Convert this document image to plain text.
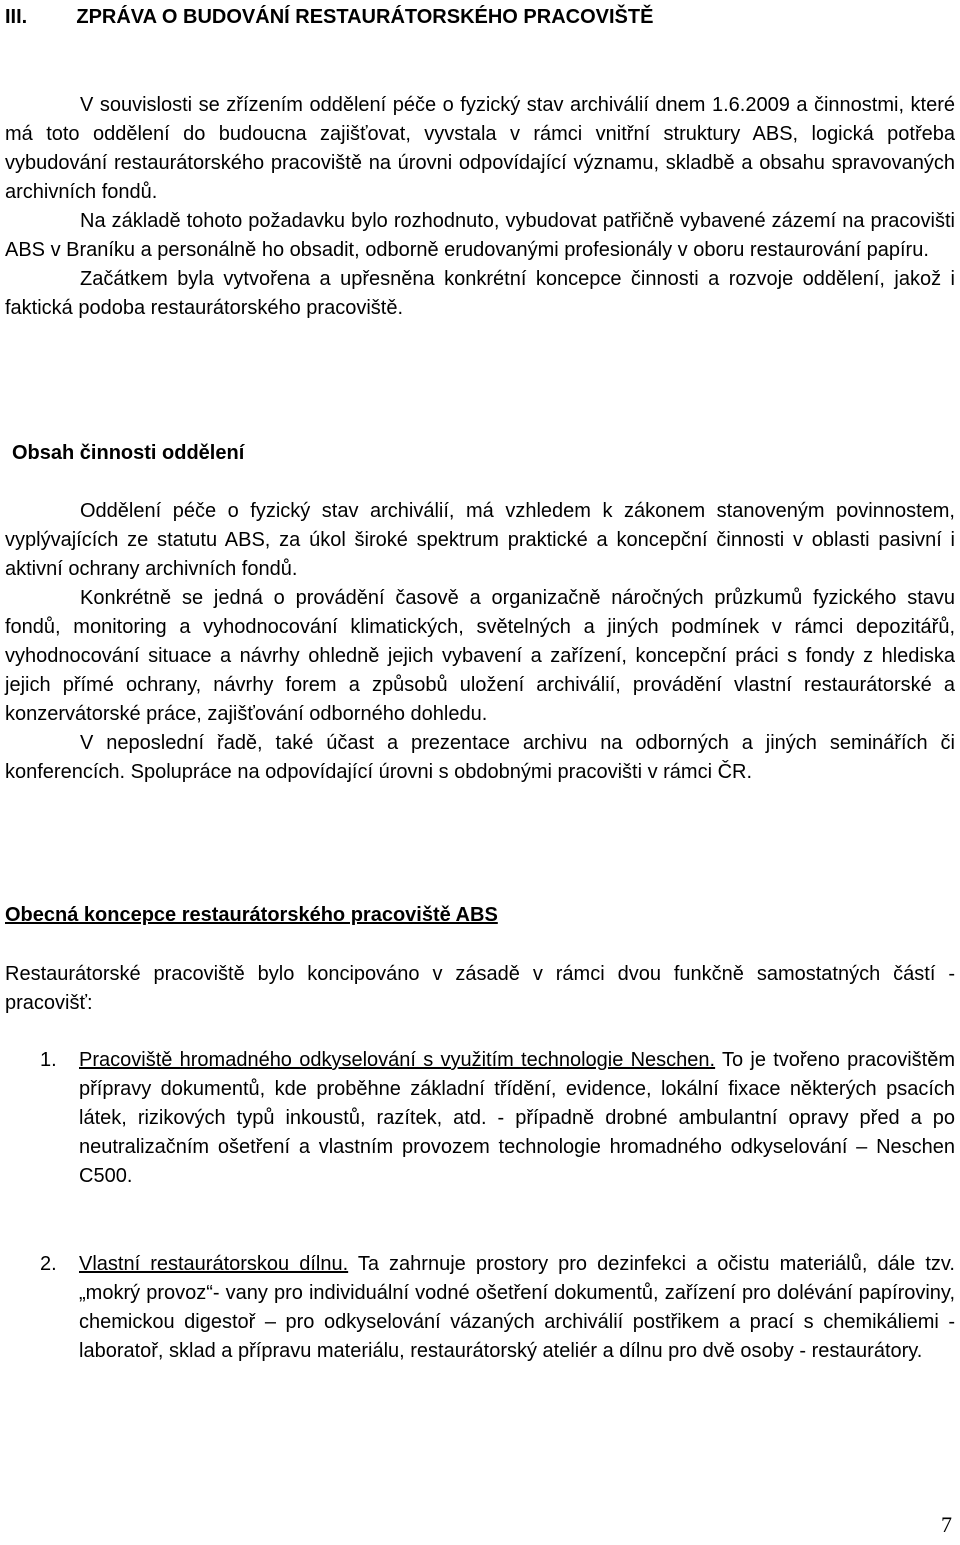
III. ZPRÁVA O BUDOVÁNÍ RESTAURÁTORSKÉHO PRACOVIŠTĚ

V souvislosti se zřízením oddělení péče o fyzický stav archiválií dnem 1.6.2009 a činnostmi, které má toto oddělení do budoucna zajišťovat, vyvstala v rámci vnitřní struktury ABS, logická potřeba vybudování restaurátorského pracoviště na úrovni odpovídající významu, skladbě a obsahu spravovaných archivních fondů.

Na základě tohoto požadavku bylo rozhodnuto, vybudovat patřičně vybavené zázemí na pracovišti ABS v Braníku a personálně ho obsadit, odborně erudovanými profesionály v oboru restaurování papíru.

Začátkem byla vytvořena a upřesněna konkrétní koncepce činnosti a rozvoje oddělení, jakož i faktická podoba restaurátorského pracoviště.

Obsah činnosti oddělení

Oddělení péče o fyzický stav archiválií, má vzhledem k zákonem stanoveným povinnostem, vyplývajících ze statutu ABS, za úkol široké spektrum praktické a koncepční činnosti v oblasti pasivní i aktivní ochrany archivních fondů.

Konkrétně se jedná o provádění časově a organizačně náročných průzkumů fyzického stavu fondů, monitoring a vyhodnocování klimatických, světelných a jiných podmínek v rámci depozitářů, vyhodnocování situace a návrhy ohledně jejich vybavení a zařízení, koncepční práci s fondy z hlediska jejich přímé ochrany, návrhy forem a způsobů uložení archiválií, provádění vlastní restaurátorské a konzervátorské práce, zajišťování odborného dohledu.

V neposlední řadě, také účast a prezentace archivu na odborných a jiných seminářích či konferencích. Spolupráce na odpovídající úrovni s obdobnými pracovišti v rámci ČR.

Obecná koncepce restaurátorského pracoviště ABS
Restaurátorské pracoviště bylo koncipováno v zásadě v rámci dvou funkčně samostatných částí - pracovišť:
1. Pracoviště hromadného odkyselování s využitím technologie Neschen. To je tvořeno pracovištěm přípravy dokumentů, kde proběhne základní třídění, evidence, lokální fixace některých psacích látek, rizikových typů inkoustů, razítek, atd. - případně drobné ambulantní opravy před a po neutralizačním ošetření a vlastním provozem technologie hromadného odkyselování – Neschen C500.
2. Vlastní restaurátorskou dílnu. Ta zahrnuje prostory pro dezinfekci a očistu materiálů, dále tzv. „mokrý provoz“- vany pro individuální vodné ošetření dokumentů, zařízení pro dolévání papíroviny, chemickou digestoř – pro odkyselování vázaných archiválií postřikem a prací s chemikáliemi - laboratoř, sklad a přípravu materiálu, restaurátorský ateliér a dílnu pro dvě osoby - restaurátory.
7
